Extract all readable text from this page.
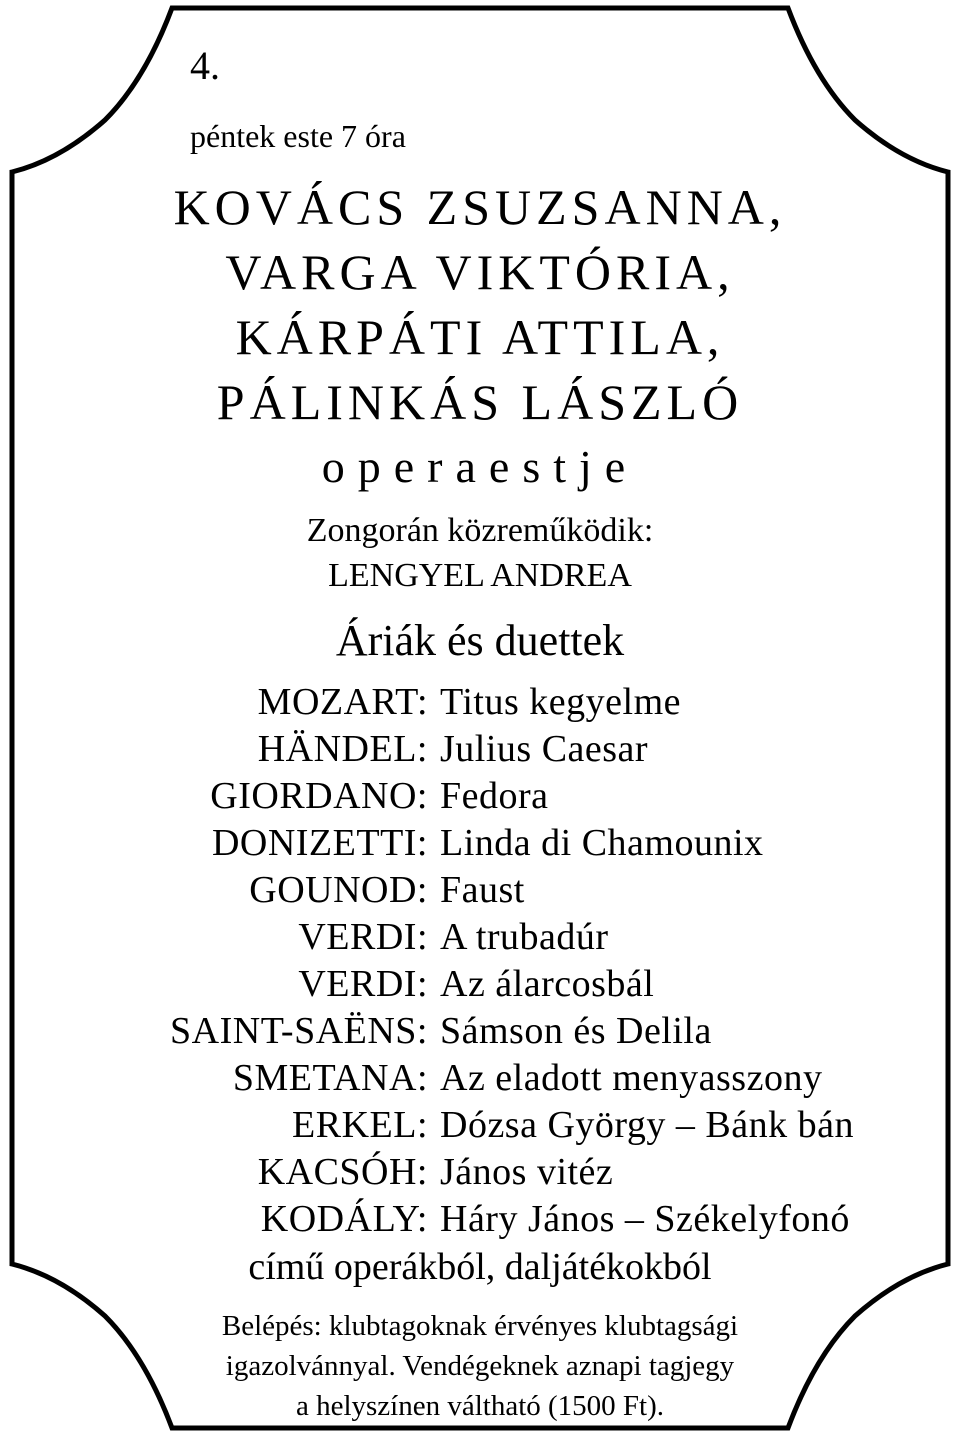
4.
péntek este 7 óra
KOVÁCS ZSUZSANNA,
VARGA VIKTÓRIA,
KÁRPÁTI ATTILA,
PÁLINKÁS LÁSZLÓ
operaestje
Zongorán közreműködik:
LENGYEL ANDREA
Áriák és duettek
MOZART: Titus kegyelme
HÄNDEL: Julius Caesar
GIORDANO: Fedora
DONIZETTI: Linda di Chamounix
GOUNOD: Faust
VERDI: A trubadúr
VERDI: Az álarcosbál
SAINT-SAËNS: Sámson és Delila
SMETANA: Az eladott menyasszony
ERKEL: Dózsa György – Bánk bán
KACSÓH: János vitéz
KODÁLY: Háry János – Székelyfonó
című operákból, daljátékokból
Belépés: klubtagoknak érvényes klubtagsági
igazolvánnyal. Vendégeknek aznapi tagjegy
a helyszínen váltható (1500 Ft).
